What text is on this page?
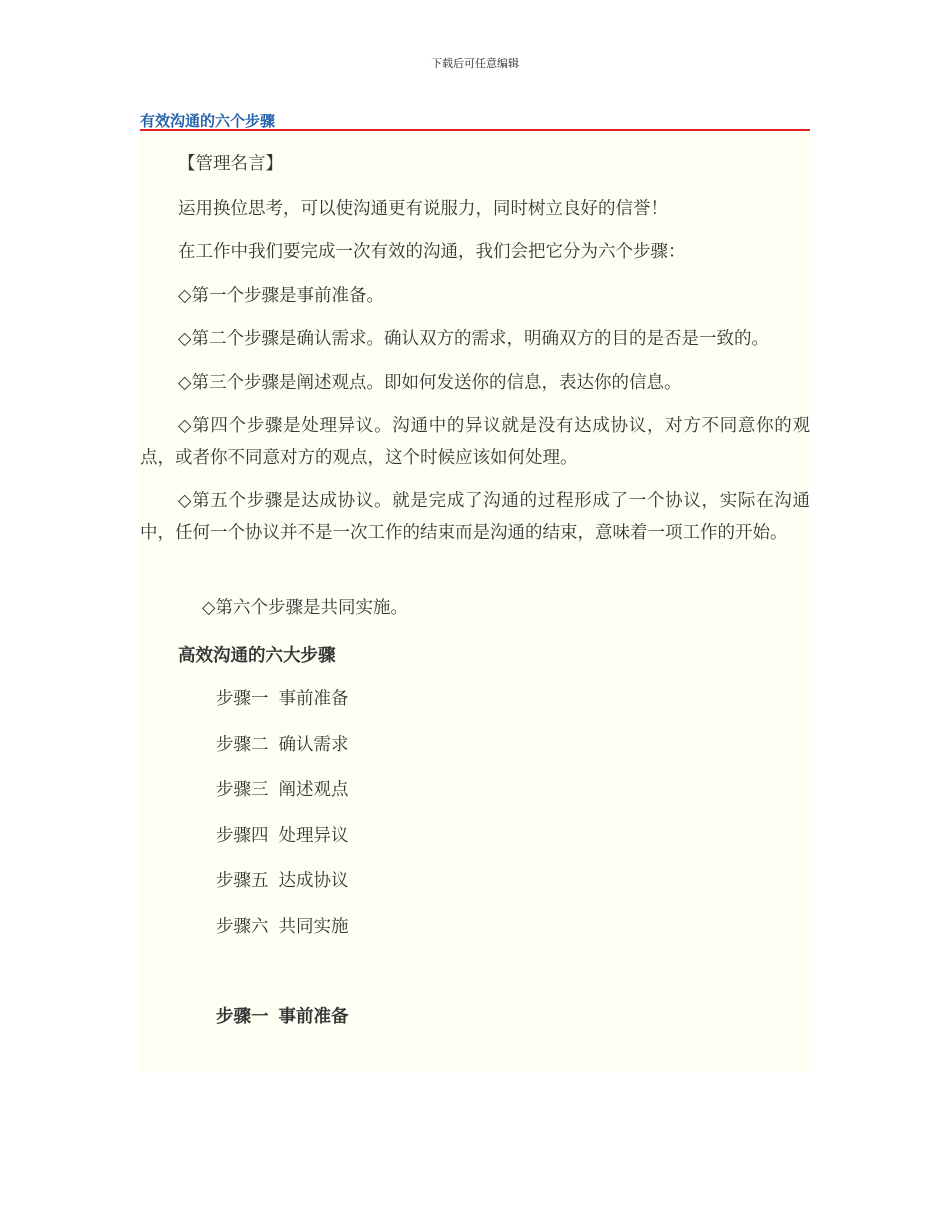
下载后可任意编辑
有效沟通的六个步骤

【管理名言】

运用换位思考，可以使沟通更有说服力，同时树立良好的信誉！

在工作中我们要完成一次有效的沟通，我们会把它分为六个步骤：

◇第一个步骤是事前准备。

◇第二个步骤是确认需求。确认双方的需求，明确双方的目的是否是一致的。

◇第三个步骤是阐述观点。即如何发送你的信息，表达你的信息。

◇第四个步骤是处理异议。沟通中的异议就是没有达成协议，对方不同意你的观点，或者你不同意对方的观点，这个时候应该如何处理。

◇第五个步骤是达成协议。就是完成了沟通的过程形成了一个协议，实际在沟通中，任何一个协议并不是一次工作的结束而是沟通的结束，意味着一项工作的开始。

◇第六个步骤是共同实施。

高效沟通的六大步骤

步骤一 事前准备

步骤二 确认需求

步骤三 阐述观点

步骤四 处理异议

步骤五 达成协议

步骤六 共同实施

步骤一 事前准备
